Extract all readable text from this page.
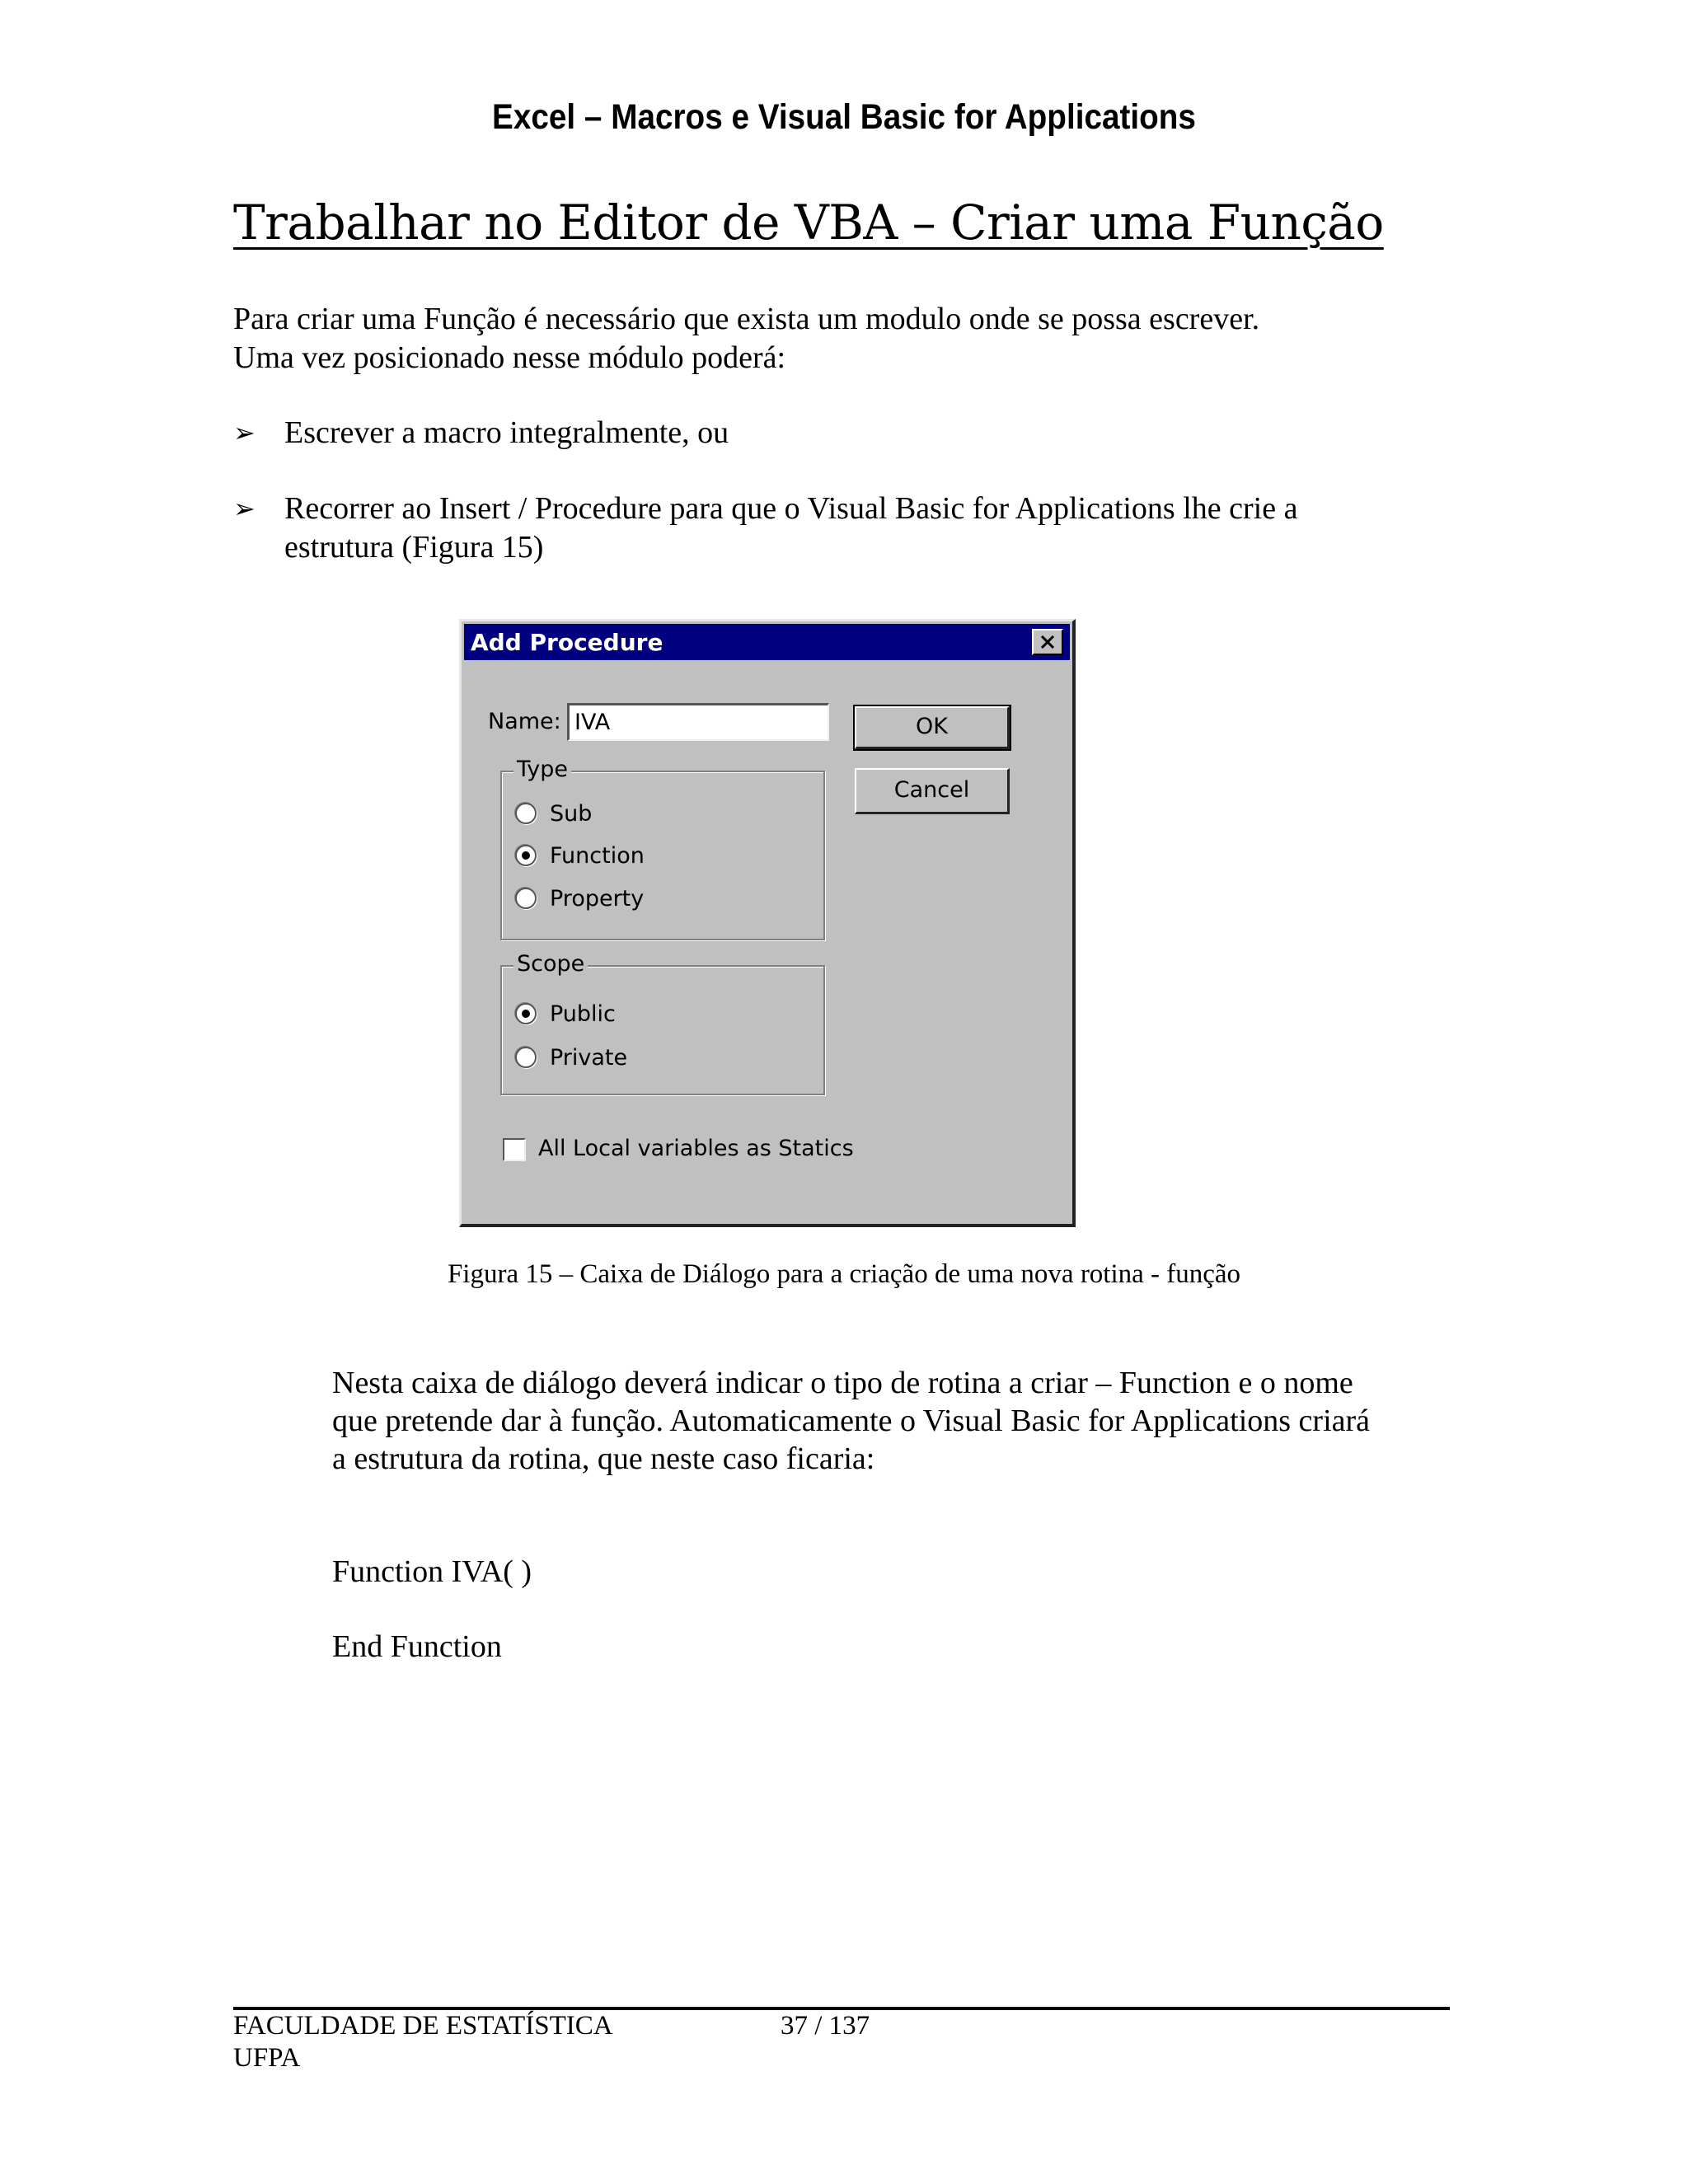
Excel – Macros e Visual Basic for Applications
Trabalhar no Editor de VBA – Criar uma Função
Para criar uma Função é necessário que exista um modulo onde se possa escrever.
Uma vez posicionado nesse módulo poderá:
➢ Escrever a macro integralmente, ou
➢ Recorrer ao Insert / Procedure para que o Visual Basic for Applications lhe crie a
estrutura (Figura 15)
Add Procedure
Name: IVA	OK
Cancel
Type
Sub
Function
Property
Scope
Public
Private
All Local variables as Statics
Figura 15 – Caixa de Diálogo para a criação de uma nova rotina - função
Nesta caixa de diálogo deverá indicar o tipo de rotina a criar – Function e o nome
que pretende dar à função. Automaticamente o Visual Basic for Applications criará
a estrutura da rotina, que neste caso ficaria:
Function IVA( )
End Function
FACULDADE DE ESTATÍSTICA
UFPA
37 / 137
